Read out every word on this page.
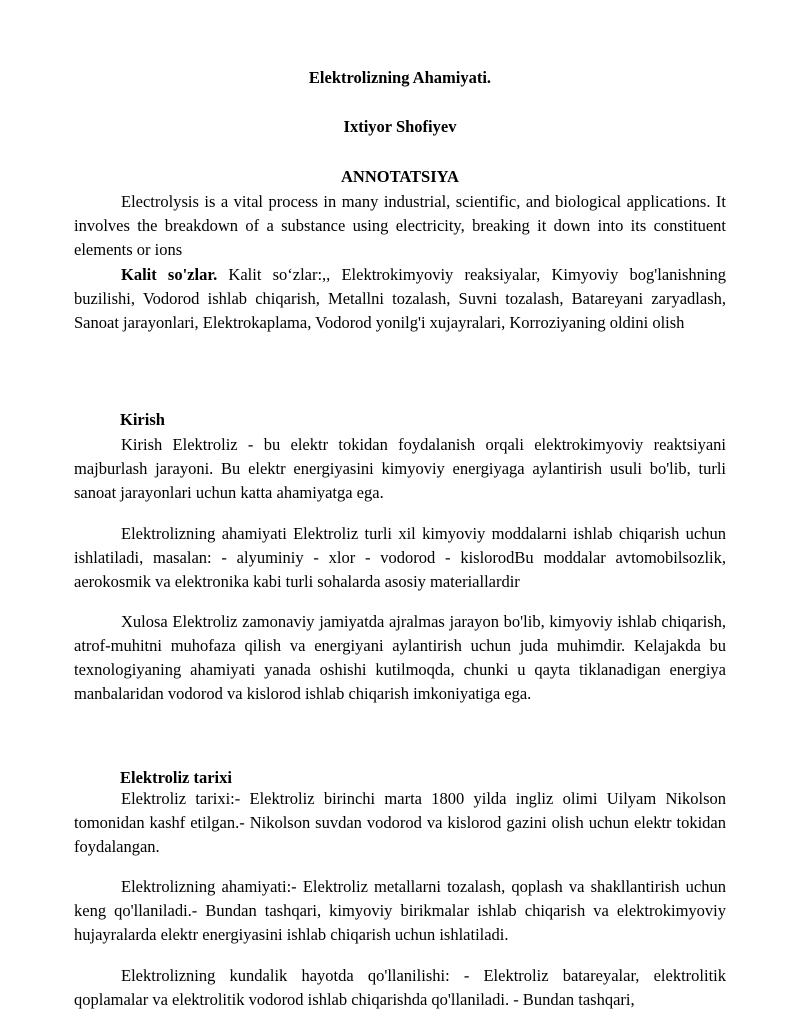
Elektrolizning Ahamiyati.
Ixtiyor Shofiyev
ANNOTATSIYA

Electrolysis is a vital process in many industrial, scientific, and biological applications. It involves the breakdown of a substance using electricity, breaking it down into its constituent elements or ions

Kalit so'zlar. Kalit so‘zlar:,, Elektrokimyoviy reaksiyalar, Kimyoviy bog'lanishning buzilishi, Vodorod ishlab chiqarish, Metallni tozalash, Suvni tozalash, Batareyani zaryadlash, Sanoat jarayonlari, Elektrokaplama, Vodorod yonilg'i xujayralari, Korroziyaning oldini olish

Kirish

Kirish Elektroliz - bu elektr tokidan foydalanish orqali elektrokimyoviy reaktsiyani majburlash jarayoni. Bu elektr energiyasini kimyoviy energiyaga aylantirish usuli bo'lib, turli sanoat jarayonlari uchun katta ahamiyatga ega.

Elektrolizning ahamiyati Elektroliz turli xil kimyoviy moddalarni ishlab chiqarish uchun ishlatiladi, masalan: - alyuminiy - xlor - vodorod - kislorodBu moddalar avtomobilsozlik, aerokosmik va elektronika kabi turli sohalarda asosiy materiallardir

Xulosa Elektroliz zamonaviy jamiyatda ajralmas jarayon bo'lib, kimyoviy ishlab chiqarish, atrof-muhitni muhofaza qilish va energiyani aylantirish uchun juda muhimdir. Kelajakda bu texnologiyaning ahamiyati yanada oshishi kutilmoqda, chunki u qayta tiklanadigan energiya manbalaridan vodorod va kislorod ishlab chiqarish imkoniyatiga ega.

Elektroliz tarixi

Elektroliz tarixi:- Elektroliz birinchi marta 1800 yilda ingliz olimi Uilyam Nikolson tomonidan kashf etilgan.- Nikolson suvdan vodorod va kislorod gazini olish uchun elektr tokidan foydalangan.

Elektrolizning ahamiyati:- Elektroliz metallarni tozalash, qoplash va shakllantirish uchun keng qo'llaniladi.- Bundan tashqari, kimyoviy birikmalar ishlab chiqarish va elektrokimyoviy hujayralarda elektr energiyasini ishlab chiqarish uchun ishlatiladi.

Elektrolizning kundalik hayotda qo'llanilishi: - Elektroliz batareyalar, elektrolitik qoplamalar va elektrolitik vodorod ishlab chiqarishda qo'llaniladi. - Bundan tashqari,
